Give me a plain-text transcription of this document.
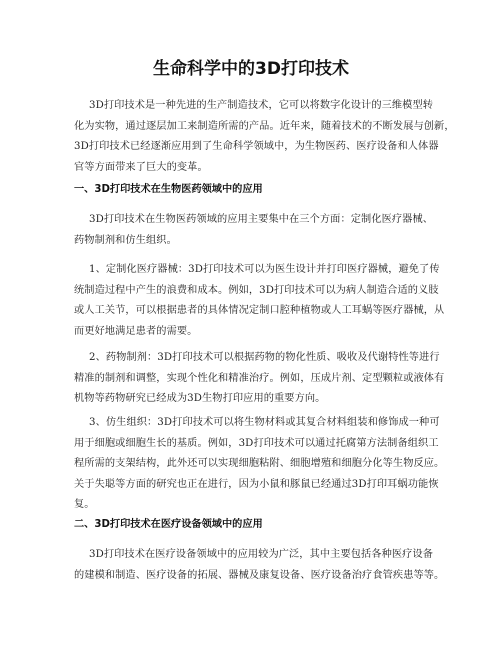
生命科学中的3D打印技术

3D打印技术是一种先进的生产制造技术，它可以将数字化设计的三维模型转
化为实物，通过逐层加工来制造所需的产品。近年来，随着技术的不断发展与创新，
3D打印技术已经逐渐应用到了生命科学领域中，为生物医药、医疗设备和人体器
官等方面带来了巨大的变革。

一、3D打印技术在生物医药领域中的应用

3D打印技术在生物医药领域的应用主要集中在三个方面：定制化医疗器械、
药物制剂和仿生组织。

1、定制化医疗器械：3D打印技术可以为医生设计并打印医疗器械，避免了传
统制造过程中产生的浪费和成本。例如，3D打印技术可以为病人制造合适的义肢
或人工关节，可以根据患者的具体情况定制口腔种植物或人工耳蜗等医疗器械，从
而更好地满足患者的需要。

2、药物制剂：3D打印技术可以根据药物的物化性质、吸收及代谢特性等进行
精准的制剂和调整，实现个性化和精准治疗。例如，压成片剂、定型颗粒或液体有
机物等药物研究已经成为3D生物打印应用的重要方向。

3、仿生组织：3D打印技术可以将生物材料或其复合材料组装和修饰成一种可
用于细胞或细胞生长的基质。例如，3D打印技术可以通过托腐第方法制备组织工
程所需的支架结构，此外还可以实现细胞粘附、细胞增殖和细胞分化等生物反应。
关于失聪等方面的研究也正在进行，因为小鼠和豚鼠已经通过3D打印耳蜗功能恢
复。

二、3D打印技术在医疗设备领域中的应用

3D打印技术在医疗设备领域中的应用较为广泛，其中主要包括各种医疗设备
的建模和制造、医疗设备的拓展、器械及康复设备、医疗设备治疗食管疾患等等。
